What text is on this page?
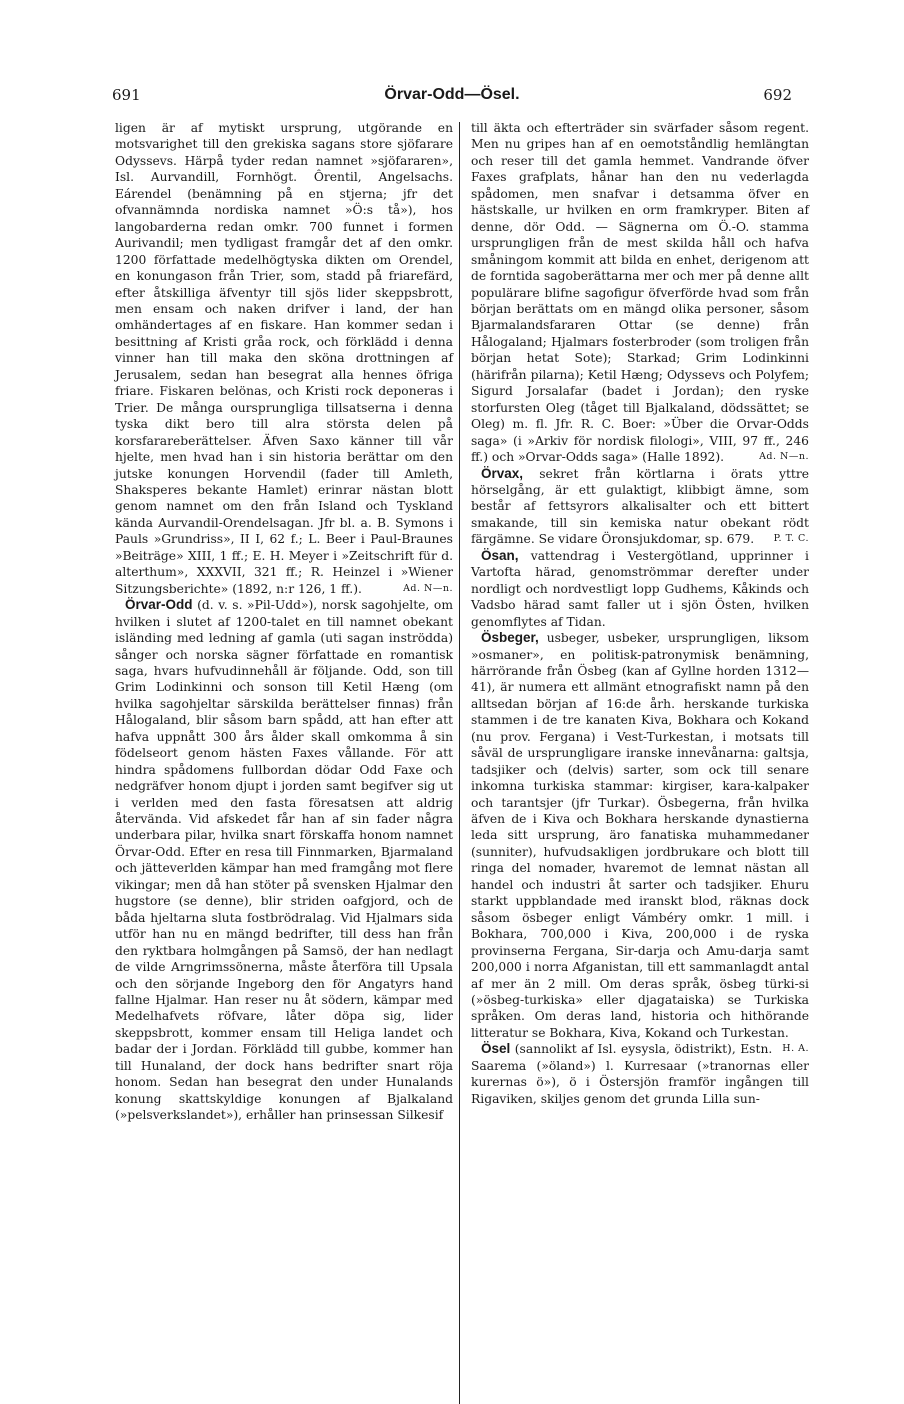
691	Örvar-Odd—Ösel.	692

ligen är af mytiskt ursprung, utgörande en motsvarighet till den grekiska sagans store sjöfarare Odyssevs. Härpå tyder redan namnet »sjöfararen», Isl. Aurvandill, Fornhögt. Ôrentil, Angelsachs. Eárendel (benämning på en stjerna; jfr det ofvannämnda nordiska namnet »Ö:s tå»), hos langobarderna redan omkr. 700 funnet i formen Aurivandil; men tydligast framgår det af den omkr. 1200 författade medelhögtyska dikten om Orendel, en konungason från Trier, som, stadd på friarefärd, efter åtskilliga äfventyr till sjös lider skeppsbrott, men ensam och naken drifver i land, der han omhändertages af en fiskare. Han kommer sedan i besittning af Kristi gråa rock, och förklädd i denna vinner han till maka den sköna drottningen af Jerusalem, sedan han besegrat alla hennes öfriga friare. Fiskaren belönas, och Kristi rock deponeras i Trier. De många oursprungliga tillsatserna i denna tyska dikt bero till alra största delen på korsfarareberättelser. Äfven Saxo känner till vår hjelte, men hvad han i sin historia berättar om den jutske konungen Horvendil (fader till Amleth, Shaksperes bekante Hamlet) erinrar nästan blott genom namnet om den från Island och Tyskland kända Aurvandil-Orendelsagan. Jfr bl. a. B. Symons i Pauls »Grundriss», II I, 62 f.; L. Beer i Paul-Braunes »Beiträge» XIII, 1 ff.; E. H. Meyer i »Zeitschrift für d. alterthum», XXXVII, 321 ff.; R. Heinzel i »Wiener Sitzungsberichte» (1892, n:r 126, 1 ff.).	Ad. N—n.

Örvar-Odd (d. v. s. »Pil-Udd»), norsk sagohjelte, om hvilken i slutet af 1200-talet en till namnet obekant isländing med ledning af gamla (uti sagan inströdda) sånger och norska sägner författade en romantisk saga, hvars hufvudinnehåll är följande. Odd, son till Grim Lodinkinni och sonson till Ketil Hæng (om hvilka sagohjeltar särskilda berättelser finnas) från Hålogaland, blir såsom barn spådd, att han efter att hafva uppnått 300 års ålder skall omkomma å sin födelseort genom hästen Faxes vållande. För att hindra spådomens fullbordan dödar Odd Faxe och nedgräfver honom djupt i jorden samt begifver sig ut i verlden med den fasta föresatsen att aldrig återvända. Vid afskedet får han af sin fader några underbara pilar, hvilka snart förskaffa honom namnet Örvar-Odd. Efter en resa till Finnmarken, Bjarmaland och jätteverlden kämpar han med framgång mot flere vikingar; men då han stöter på svensken Hjalmar den hugstore (se denne), blir striden oafgjord, och de båda hjeltarna sluta fostbrödralag. Vid Hjalmars sida utför han nu en mängd bedrifter, till dess han från den ryktbara holmgången på Samsö, der han nedlagt de vilde Arngrimssönerna, måste återföra till Upsala och den sörjande Ingeborg den för Angatyrs hand fallne Hjalmar. Han reser nu åt södern, kämpar med Medelhafvets röfvare, låter döpa sig, lider skeppsbrott, kommer ensam till Heliga landet och badar der i Jordan. Förklädd till gubbe, kommer han till Hunaland, der dock hans bedrifter snart röja honom. Sedan han besegrat den under Hunalands konung skattskyldige konungen af Bjalkaland (»pelsverkslandet»), erhåller han prinsessan Silkesif

till äkta och efterträder sin svärfader såsom regent. Men nu gripes han af en oemotståndlig hemlängtan och reser till det gamla hemmet. Vandrande öfver Faxes grafplats, hånar han den nu vederlagda spådomen, men snafvar i detsamma öfver en hästskalle, ur hvilken en orm framkryper. Biten af denne, dör Odd. — Sägnerna om Ö.-O. stamma ursprungligen från de mest skilda håll och hafva småningom kommit att bilda en enhet, derigenom att de forntida sagoberättarna mer och mer på denne allt populärare blifne sagofigur öfverförde hvad som från början berättats om en mängd olika personer, såsom Bjarmalandsfararen Ottar (se denne) från Hålogaland; Hjalmars fosterbroder (som troligen från början hetat Sote); Starkad; Grim Lodinkinni (härifrån pilarna); Ketil Hæng; Odyssevs och Polyfem; Sigurd Jorsalafar (badet i Jordan); den ryske storfursten Oleg (tåget till Bjalkaland, dödssättet; se Oleg) m. fl. Jfr. R. C. Boer: »Über die Orvar-Odds saga» (i »Arkiv för nordisk filologi», VIII, 97 ff., 246 ff.) och »Orvar-Odds saga» (Halle 1892).	Ad. N—n.

Örvax, sekret från körtlarna i örats yttre hörselgång, är ett gulaktigt, klibbigt ämne, som består af fettsyrors alkalisalter och ett bittert smakande, till sin kemiska natur obekant rödt färgämne. Se vidare Öronsjukdomar, sp. 679.	P. T. C.

Ösan, vattendrag i Vestergötland, upprinner i Vartofta härad, genomströmmar derefter under nordligt och nordvestligt lopp Gudhems, Kåkinds och Vadsbo härad samt faller ut i sjön Östen, hvilken genomflytes af Tidan.

Ösbeger, usbeger, usbeker, ursprungligen, liksom »osmaner», en politisk-patronymisk benämning, härrörande från Ösbeg (kan af Gyllne horden 1312—41), är numera ett allmänt etnografiskt namn på den alltsedan början af 16:de årh. herskande turkiska stammen i de tre kanaten Kiva, Bokhara och Kokand (nu prov. Fergana) i Vest-Turkestan, i motsats till såväl de ursprungligare iranske innevånarna: galtsja, tadsjiker och (delvis) sarter, som ock till senare inkomna turkiska stammar: kirgiser, kara-kalpaker och tarantsjer (jfr Turkar). Ösbegerna, från hvilka äfven de i Kiva och Bokhara herskande dynastierna leda sitt ursprung, äro fanatiska muhammedaner (sunniter), hufvudsakligen jordbrukare och blott till ringa del nomader, hvaremot de lemnat nästan all handel och industri åt sarter och tadsjiker. Ehuru starkt uppblandade med iranskt blod, räknas dock såsom ösbeger enligt Vámbéry omkr. 1 mill. i Bokhara, 700,000 i Kiva, 200,000 i de ryska provinserna Fergana, Sir-darja och Amu-darja samt 200,000 i norra Afganistan, till ett sammanlagdt antal af mer än 2 mill. Om deras språk, ösbeg türki-si (»ösbeg-turkiska» eller djagataiska) se Turkiska språken. Om deras land, historia och hithörande litteratur se Bokhara, Kiva, Kokand och Turkestan.
H. A.

Ösel (sannolikt af Isl. eysysla, ödistrikt), Estn. Saarema (»öland») l. Kurresaar (»tranornas eller kurernas ö»), ö i Östersjön framför ingången till Rigaviken, skiljes genom det grunda Lilla sun-
